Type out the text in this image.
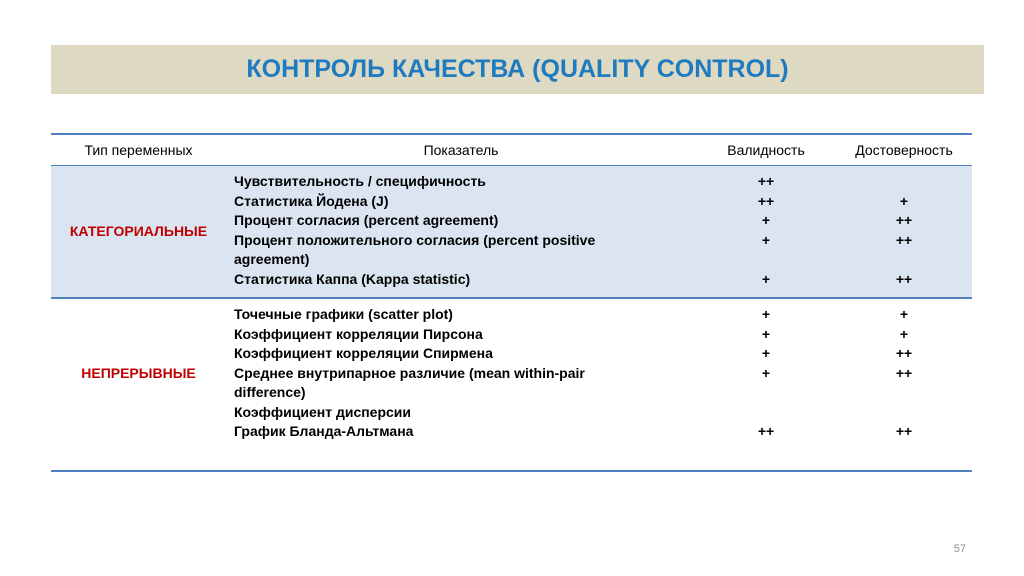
КОНТРОЛЬ КАЧЕСТВА (QUALITY CONTROL)
Тип переменных	Показатель	Валидность	Достоверность
КАТЕГОРИАЛЬНЫЕ
Чувствительность / специфичность	++
Статистика Йодена (J)	++	+
Процент согласия (percent agreement)	+	++
Процент положительного согласия (percent positive
agreement)
+	++
Статистика Каппа (Kappa statistic)	+	++
НЕПРЕРЫВНЫЕ
Точечные графики (scatter plot)	+	+
Коэффициент корреляции Пирсона	+	+
Коэффициент корреляции Спирмена	+	++
Среднее внутрипарное различие (mean within-pair
difference)
+	++
Коэффициент дисперсии
График Бланда-Альтмана	++	++
57
